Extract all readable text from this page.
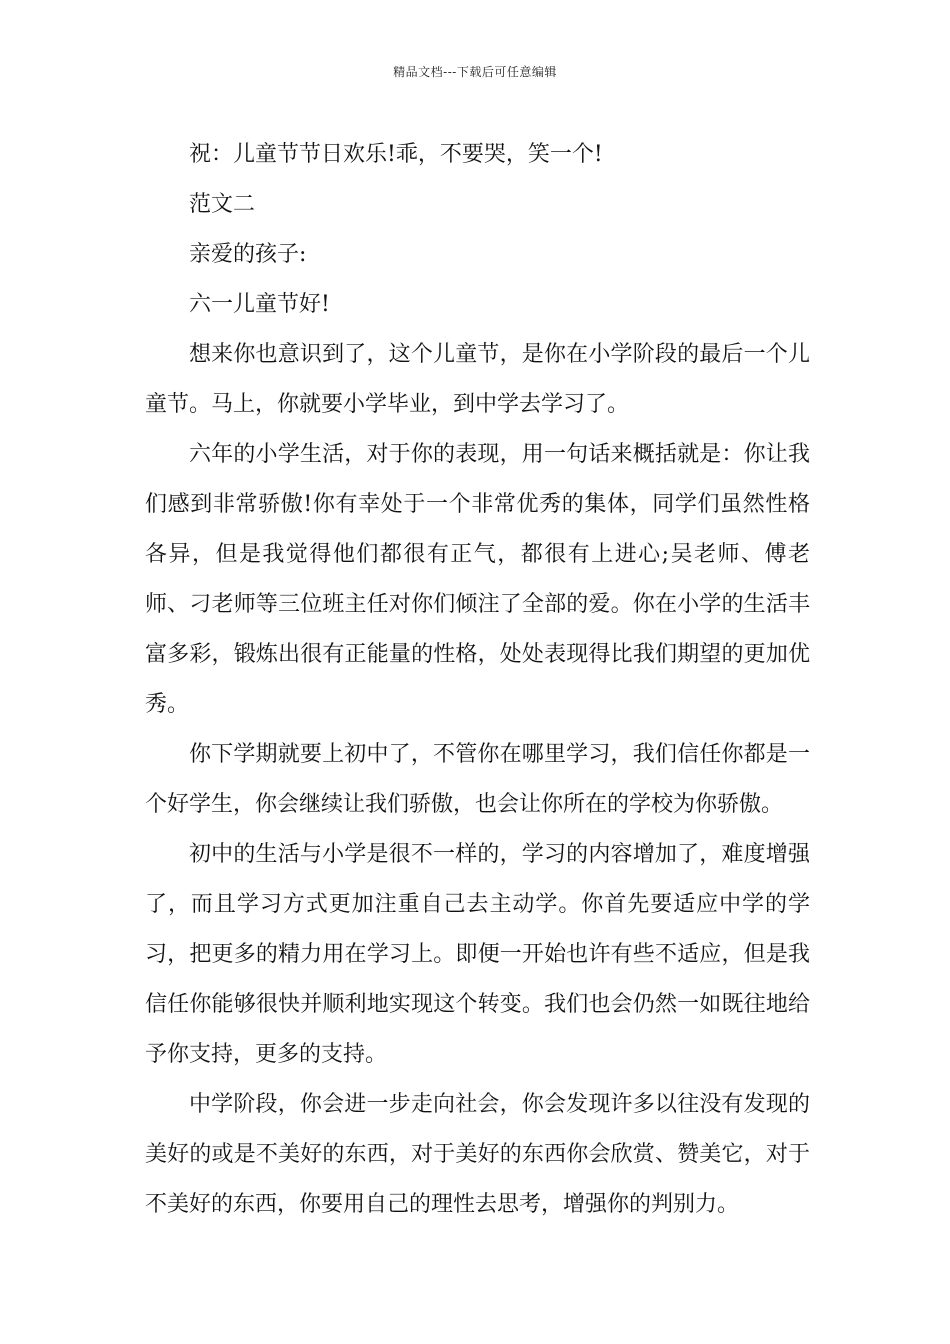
精品文档---下载后可任意编辑

祝：儿童节节日欢乐!乖，不要哭，笑一个!

范文二

亲爱的孩子:

六一儿童节好!

想来你也意识到了，这个儿童节，是你在小学阶段的最后一个儿童节。马上，你就要小学毕业，到中学去学习了。

六年的小学生活，对于你的表现，用一句话来概括就是：你让我们感到非常骄傲!你有幸处于一个非常优秀的集体，同学们虽然性格各异，但是我觉得他们都很有正气，都很有上进心;吴老师、傅老师、刁老师等三位班主任对你们倾注了全部的爱。你在小学的生活丰富多彩，锻炼出很有正能量的性格，处处表现得比我们期望的更加优秀。

你下学期就要上初中了，不管你在哪里学习，我们信任你都是一个好学生，你会继续让我们骄傲，也会让你所在的学校为你骄傲。

初中的生活与小学是很不一样的，学习的内容增加了，难度增强了，而且学习方式更加注重自己去主动学。你首先要适应中学的学习，把更多的精力用在学习上。即便一开始也许有些不适应，但是我信任你能够很快并顺利地实现这个转变。我们也会仍然一如既往地给予你支持，更多的支持。

中学阶段，你会进一步走向社会，你会发现许多以往没有发现的美好的或是不美好的东西，对于美好的东西你会欣赏、赞美它，对于不美好的东西，你要用自己的理性去思考，增强你的判别力。
